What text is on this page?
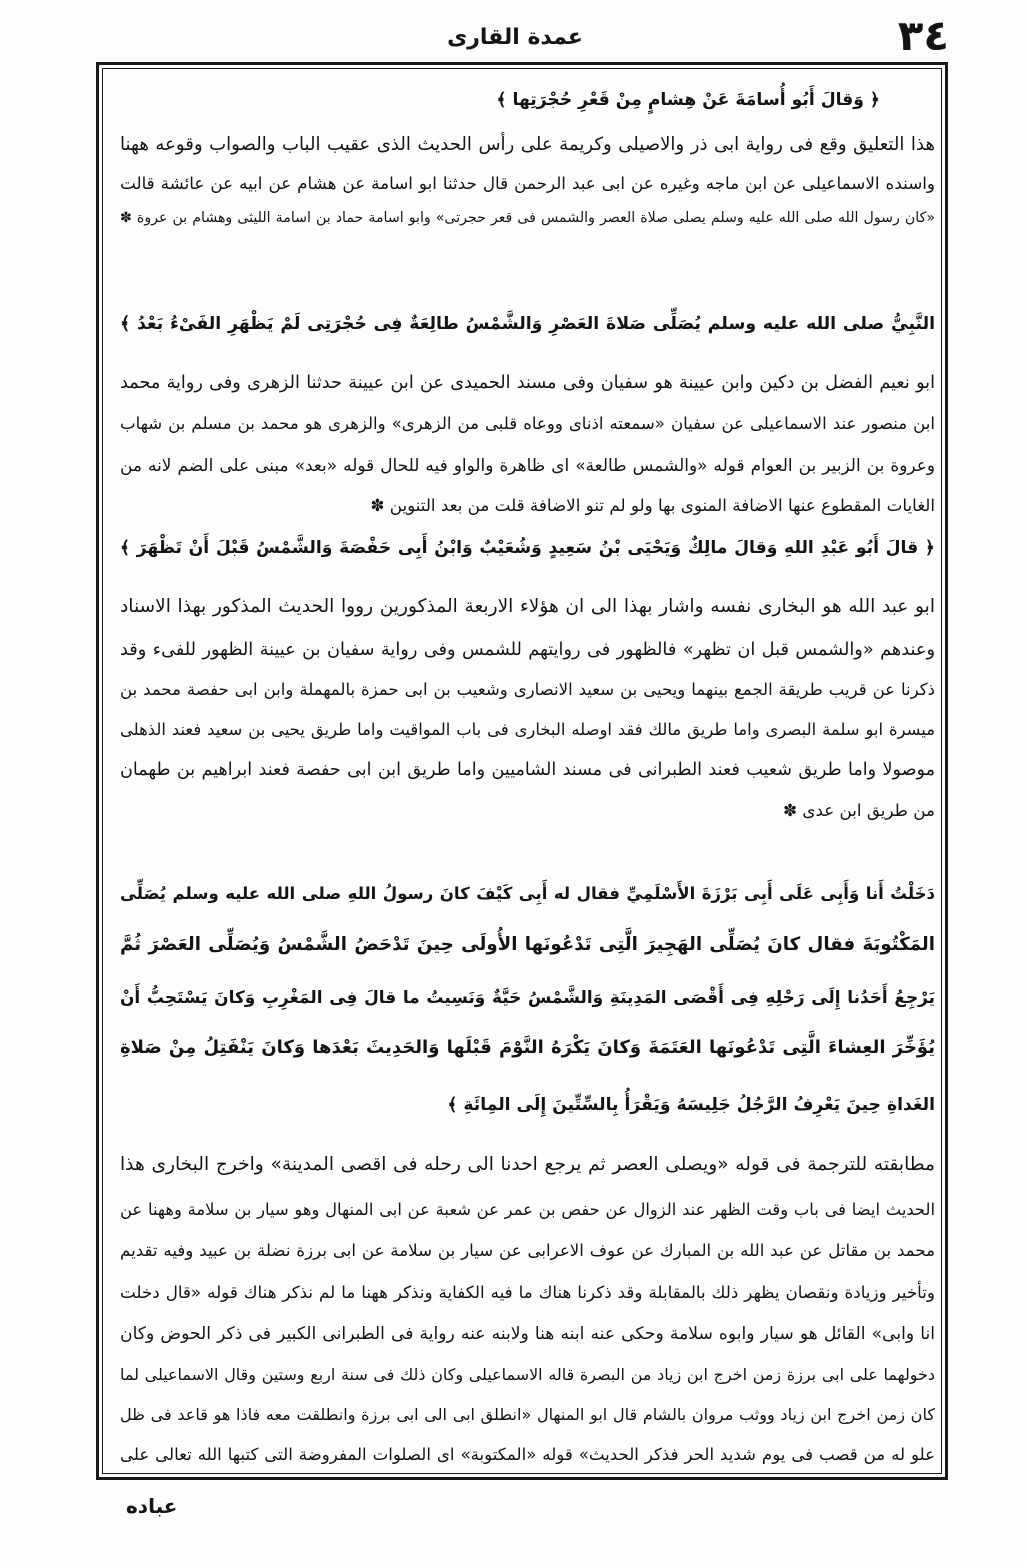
٣٤
عمدة القارى
﴿ وَقالَ أَبُو أُسامَةَ عَنْ هِشامٍ مِنْ قَعْرِ حُجْرَتِها ﴾
هذا التعليق وقع فى رواية ابى ذر والاصيلى وكريمة على رأس الحديث الذى عقيب الباب والصواب وقوعه ههنا
واسنده الاسماعيلى عن ابن ماجه وغيره عن ابى عبد الرحمن قال حدثنا ابو اسامة عن هشام عن ابيه عن عائشة قالت
«كان رسول الله صلى الله عليه وسلم يصلى صلاة العصر والشمس فى قعر حجرتى» وابو اسامة حماد بن اسامة الليثى وهشام بن عروة ✽
النَّبِيُّ صلى الله عليه وسلم يُصَلِّى صَلاةَ العَصْرِ وَالشَّمْسُ طالِعَةٌ فِى حُجْرَتِى لَمْ يَظْهَرِ الفَىْءُ بَعْدُ ﴾
ابو نعيم الفضل بن دكين وابن عيينة هو سفيان وفى مسند الحميدى عن ابن عيينة حدثنا الزهرى وفى رواية محمد
ابن منصور عند الاسماعيلى عن سفيان «سمعته اذناى ووعاه قلبى من الزهرى» والزهرى هو محمد بن مسلم بن شهاب
وعروة بن الزبير بن العوام قوله «والشمس طالعة» اى ظاهرة والواو فيه للحال قوله «بعد» مبنى على الضم لانه من
الغايات المقطوع عنها الاضافة المنوى بها ولو لم تنو الاضافة قلت من بعد التنوين ✽
﴿ قالَ أَبُو عَبْدِ اللهِ وَقالَ مالِكٌ وَيَحْيَى بْنُ سَعِيدٍ وَشُعَيْبٌ وَابْنُ أَبِى حَفْصَةَ وَالشَّمْسُ قَبْلَ أَنْ تَظْهَرَ ﴾
ابو عبد الله هو البخارى نفسه واشار بهذا الى ان هؤلاء الاربعة المذكورين رووا الحديث المذكور بهذا الاسناد
وعندهم «والشمس قبل ان تظهر» فالظهور فى روايتهم للشمس وفى رواية سفيان بن عيينة الظهور للفىء وقد
ذكرنا عن قريب طريقة الجمع بينهما ويحيى بن سعيد الانصارى وشعيب بن ابى حمزة بالمهملة وابن ابى حفصة محمد بن
ميسرة ابو سلمة البصرى واما طريق مالك فقد اوصله البخارى فى باب المواقيت واما طريق يحيى بن سعيد فعند الذهلى
موصولا واما طريق شعيب فعند الطبرانى فى مسند الشاميين واما طريق ابن ابى حفصة فعند ابراهيم بن طهمان
من طريق ابن عدى ✽
دَخَلْتُ أَنا وَأَبِى عَلَى أَبِى بَرْزَةَ الأَسْلَمِيِّ فقال له أَبِى كَيْفَ كانَ رسولُ اللهِ صلى الله عليه وسلم يُصَلِّى
المَكْتُوبَةَ فقال كانَ يُصَلِّى الهَجِيرَ الَّتِى تَدْعُونَها الأُولَى حِينَ تَدْحَضُ الشَّمْسُ وَيُصَلِّى العَصْرَ ثُمَّ
يَرْجِعُ أَحَدُنا إِلَى رَحْلِهِ فِى أَقْصَى المَدِينَةِ وَالشَّمْسُ حَيَّةٌ وَنَسِيتُ ما قالَ فِى المَغْرِبِ وَكانَ يَسْتَحِبُّ أَنْ
يُؤَخِّرَ العِشاءَ الَّتِى تَدْعُونَها العَتَمَةَ وَكانَ يَكْرَهُ النَّوْمَ قَبْلَها وَالحَدِيثَ بَعْدَها وَكانَ يَنْفَتِلُ مِنْ صَلاةِ
الغَداةِ حِينَ يَعْرِفُ الرَّجُلُ جَلِيسَهُ وَيَقْرَأُ بِالسِّتِّينَ إِلَى المِائَةِ ﴾
مطابقته للترجمة فى قوله «ويصلى العصر ثم يرجع احدنا الى رحله فى اقصى المدينة» واخرج البخارى هذا
الحديث ايضا فى باب وقت الظهر عند الزوال عن حفص بن عمر عن شعبة عن ابى المنهال وهو سيار بن سلامة وههنا عن
محمد بن مقاتل عن عبد الله بن المبارك عن عوف الاعرابى عن سيار بن سلامة عن ابى برزة نضلة بن عبيد وفيه تقديم
وتأخير وزيادة ونقصان يظهر ذلك بالمقابلة وقد ذكرنا هناك ما فيه الكفاية ونذكر ههنا ما لم نذكر هناك قوله «قال دخلت
انا وابى» القائل هو سيار وابوه سلامة وحكى عنه ابنه هنا ولابنه عنه رواية فى الطبرانى الكبير فى ذكر الحوض وكان
دخولهما على ابى برزة زمن اخرج ابن زياد من البصرة قاله الاسماعيلى وكان ذلك فى سنة اربع وستين وقال الاسماعيلى لما
كان زمن اخرج ابن زياد ووثب مروان بالشام قال ابو المنهال «انطلق ابى الى ابى برزة وانطلقت معه فاذا هو قاعد فى ظل
علو له من قصب فى يوم شديد الحر فذكر الحديث» قوله «المكتوبة» اى الصلوات المفروضة التى كتبها الله تعالى على
عباده
